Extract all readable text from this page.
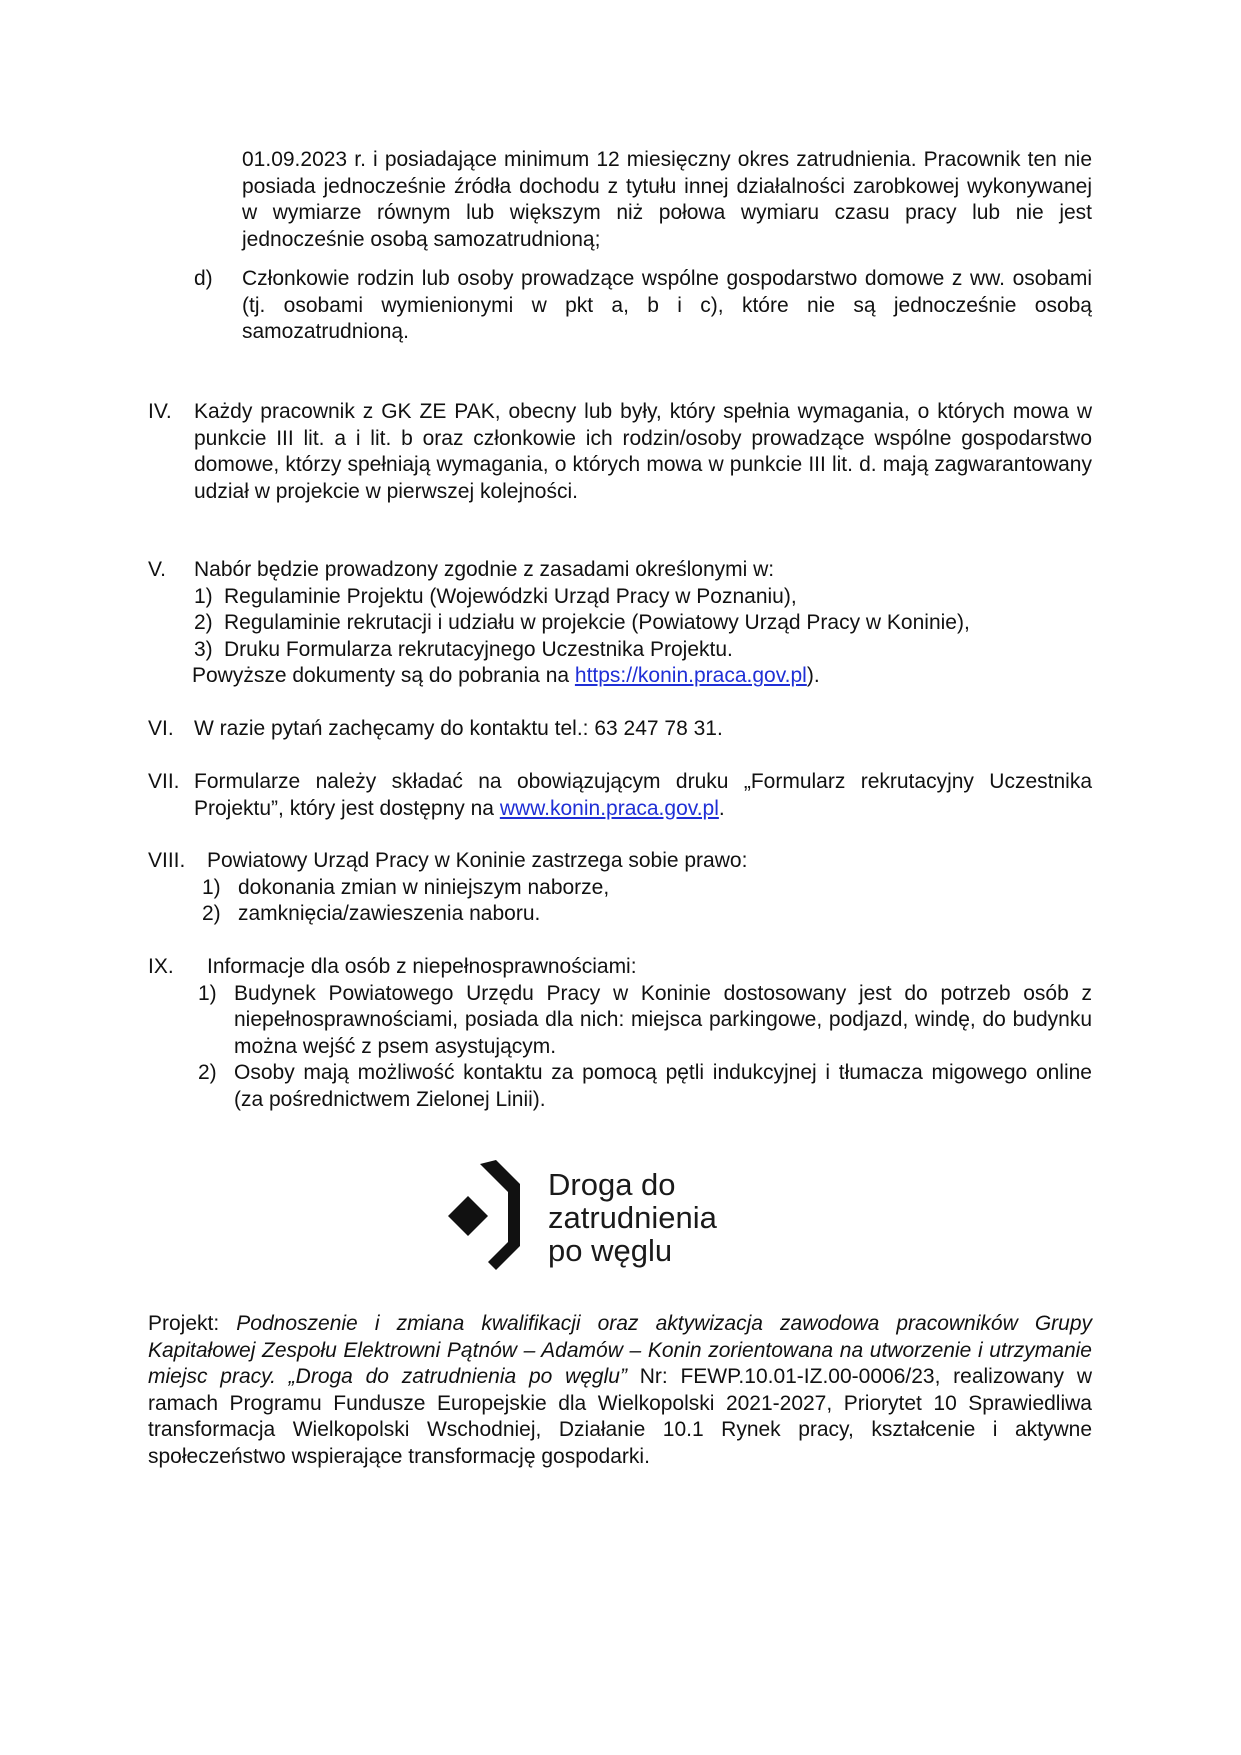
01.09.2023 r. i posiadające minimum 12 miesięczny okres zatrudnienia. Pracownik ten nie posiada jednocześnie źródła dochodu z tytułu innej działalności zarobkowej wykonywanej w wymiarze równym lub większym niż połowa wymiaru czasu pracy lub nie jest jednocześnie osobą samozatrudnioną;
d) Członkowie rodzin lub osoby prowadzące wspólne gospodarstwo domowe z ww. osobami (tj. osobami wymienionymi w pkt a, b i c), które nie są jednocześnie osobą samozatrudnioną.
IV. Każdy pracownik z GK ZE PAK, obecny lub były, który spełnia wymagania, o których mowa w punkcie III lit. a i lit. b oraz członkowie ich rodzin/osoby prowadzące wspólne gospodarstwo domowe, którzy spełniają wymagania, o których mowa w punkcie III lit. d. mają zagwarantowany udział w projekcie w pierwszej kolejności.
V. Nabór będzie prowadzony zgodnie z zasadami określonymi w:
1) Regulaminie Projektu (Wojewódzki Urząd Pracy w Poznaniu),
2) Regulaminie rekrutacji i udziału w projekcie (Powiatowy Urząd Pracy w Koninie),
3) Druku Formularza rekrutacyjnego Uczestnika Projektu.
Powyższe dokumenty są do pobrania na https://konin.praca.gov.pl).
VI. W razie pytań zachęcamy do kontaktu tel.: 63 247 78 31.
VII. Formularze należy składać na obowiązującym druku „Formularz rekrutacyjny Uczestnika Projektu”, który jest dostępny na www.konin.praca.gov.pl.
VIII. Powiatowy Urząd Pracy w Koninie zastrzega sobie prawo:
1) dokonania zmian w niniejszym naborze,
2) zamknięcia/zawieszenia naboru.
IX. Informacje dla osób z niepełnosprawnościami:
1) Budynek Powiatowego Urzędu Pracy w Koninie dostosowany jest do potrzeb osób z niepełnosprawnościami, posiada dla nich: miejsca parkingowe, podjazd, windę, do budynku można wejść z psem asystującym.
2) Osoby mają możliwość kontaktu za pomocą pętli indukcyjnej i tłumacza migowego online (za pośrednictwem Zielonej Linii).
Droga do
zatrudnienia
po węglu
Projekt: Podnoszenie i zmiana kwalifikacji oraz aktywizacja zawodowa pracowników Grupy Kapitałowej Zespołu Elektrowni Pątnów – Adamów – Konin zorientowana na utworzenie i utrzymanie miejsc pracy. „Droga do zatrudnienia po węglu” Nr: FEWP.10.01-IZ.00-0006/23, realizowany w ramach Programu Fundusze Europejskie dla Wielkopolski 2021-2027, Priorytet 10 Sprawiedliwa transformacja Wielkopolski Wschodniej, Działanie 10.1 Rynek pracy, kształcenie i aktywne społeczeństwo wspierające transformację gospodarki.
